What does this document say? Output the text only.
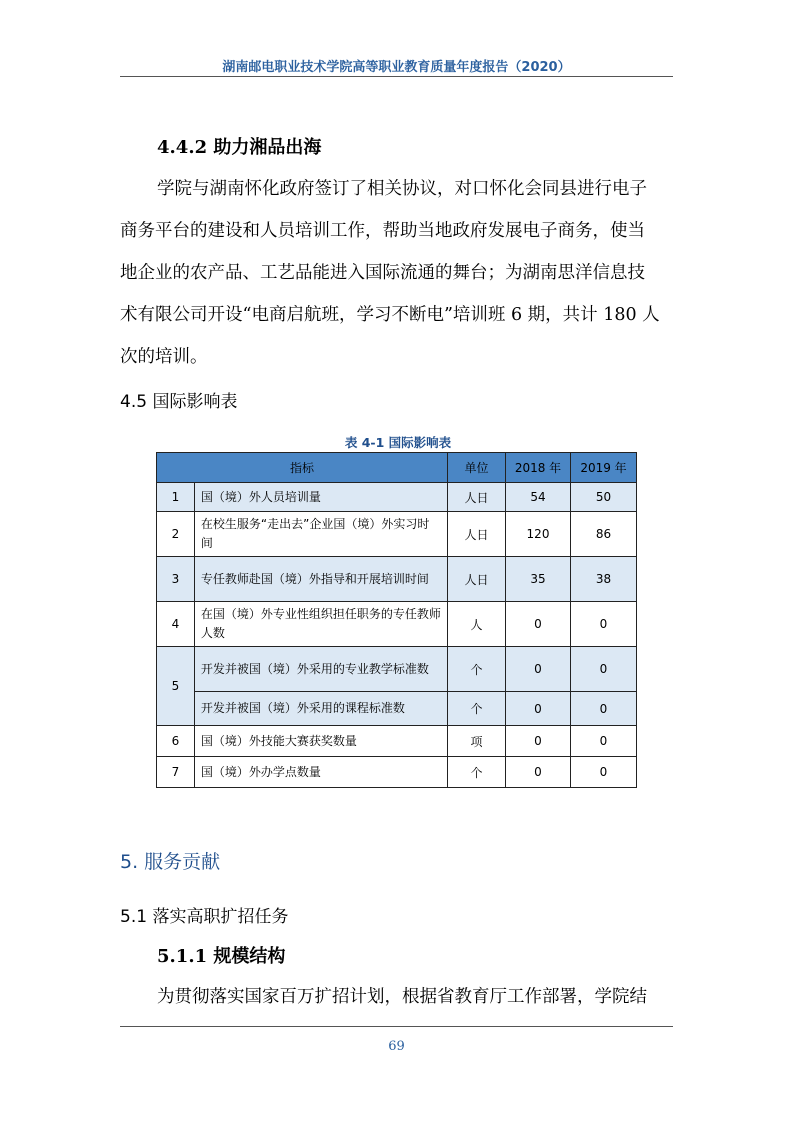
湖南邮电职业技术学院高等职业教育质量年度报告（2020）
4.4.2 助力湘品出海
学院与湖南怀化政府签订了相关协议，对口怀化会同县进行电子
商务平台的建设和人员培训工作，帮助当地政府发展电子商务，使当
地企业的农产品、工艺品能进入国际流通的舞台；为湖南思洋信息技
术有限公司开设“电商启航班，学习不断电”培训班 6 期，共计 180 人
次的培训。
4.5 国际影响表
表 4-1 国际影响表
指标		单位	2018 年	2019 年
1	国（境）外人员培训量	人日	54	50
2	在校生服务“走出去”企业国（境）外实习时间	人日	120	86
3	专任教师赴国（境）外指导和开展培训时间	人日	35	38
4	在国（境）外专业性组织担任职务的专任教师人数	人	0	0
5	开发并被国（境）外采用的专业教学标准数	个	0	0
	开发并被国（境）外采用的课程标准数	个	0	0
6	国（境）外技能大赛获奖数量	项	0	0
7	国（境）外办学点数量	个	0	0
5. 服务贡献
5.1 落实高职扩招任务
5.1.1 规模结构
为贯彻落实国家百万扩招计划，根据省教育厅工作部署，学院结
69
